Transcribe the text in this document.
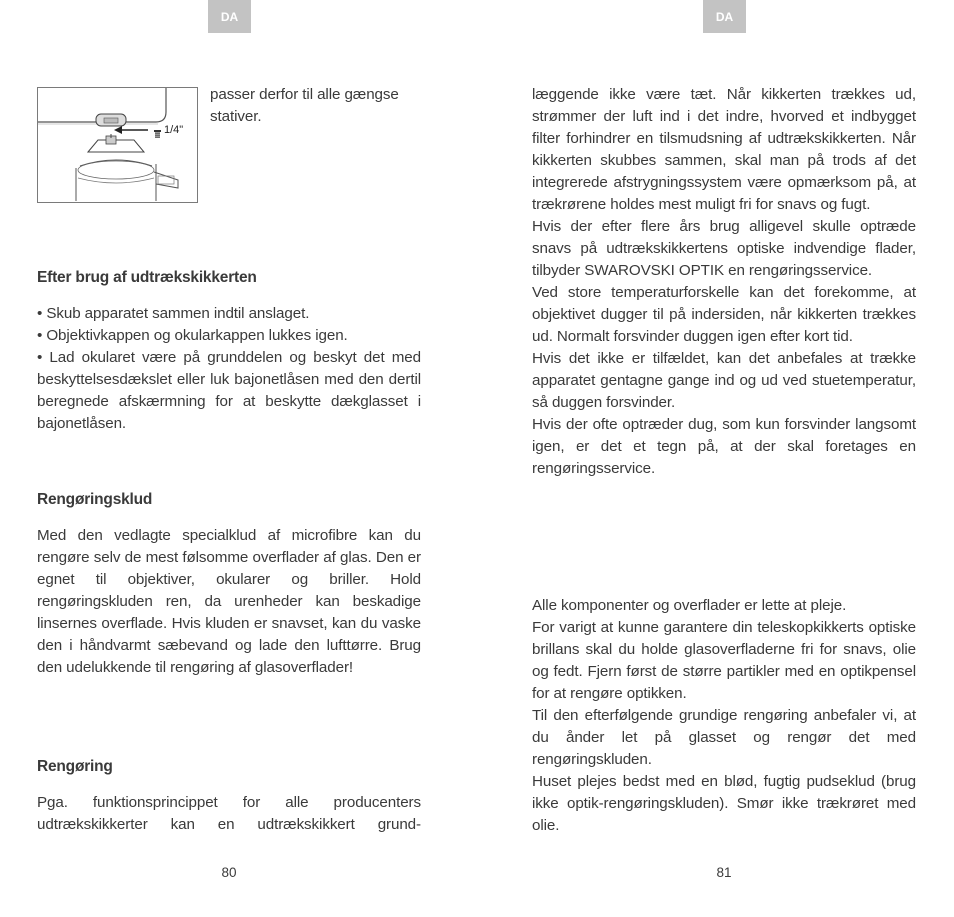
DA
1/4"

passer derfor til alle gængse stativer.

Efter brug af udtrækskikkerten

• Skub apparatet sammen indtil anslaget.

• Objektivkappen og okularkappen lukkes igen.

• Lad okularet være på grunddelen og beskyt det med beskyttelsesdækslet eller luk bajonetlåsen med den dertil beregnede afskærmning for at beskytte dækglasset i bajonetlåsen.

Rengøringsklud

Med den vedlagte specialklud af microfibre kan du rengøre selv de mest følsomme overflader af glas. Den er egnet til objektiver, okularer og briller. Hold rengøringskluden ren, da urenheder kan beskadige linsernes overflade. Hvis kluden er snavset, kan du vaske den i håndvarmt sæbevand og lade den lufttørre. Brug den udelukkende til rengøring af glasoverflader!

Rengøring

Pga. funktionsprincippet for alle producenters udtrækskikkerter kan en udtrækskikkert grund-

80
DA

læggende ikke være tæt. Når kikkerten trækkes ud, strømmer der luft ind i det indre, hvorved et indbygget filter forhindrer en tilsmudsning af udtrækskikkerten. Når kikkerten skubbes sammen, skal man på trods af det integrerede afstrygningssystem være opmærksom på, at trækrørene holdes mest muligt fri for snavs og fugt.

Hvis der efter flere års brug alligevel skulle optræde snavs på udtrækskikkertens optiske indvendige flader, tilbyder SWAROVSKI OPTIK en rengøringsservice.

Ved store temperaturforskelle kan det forekomme, at objektivet dugger til på indersiden, når kikkerten trækkes ud. Normalt forsvinder duggen igen efter kort tid.

Hvis det ikke er tilfældet, kan det anbefales at trække apparatet gentagne gange ind og ud ved stuetemperatur, så duggen forsvinder.

Hvis der ofte optræder dug, som kun forsvinder langsomt igen, er det et tegn på, at der skal foretages en rengøringsservice.

Alle komponenter og overflader er lette at pleje.

For varigt at kunne garantere din teleskopkikkerts optiske brillans skal du holde glasoverfladerne fri for snavs, olie og fedt. Fjern først de større partikler med en optikpensel for at rengøre optikken.

Til den efterfølgende grundige rengøring anbefaler vi, at du ånder let på glasset og rengør det med rengøringskluden.

Huset plejes bedst med en blød, fugtig pudseklud (brug ikke optik-rengøringskluden). Smør ikke trækrøret med olie.

81
